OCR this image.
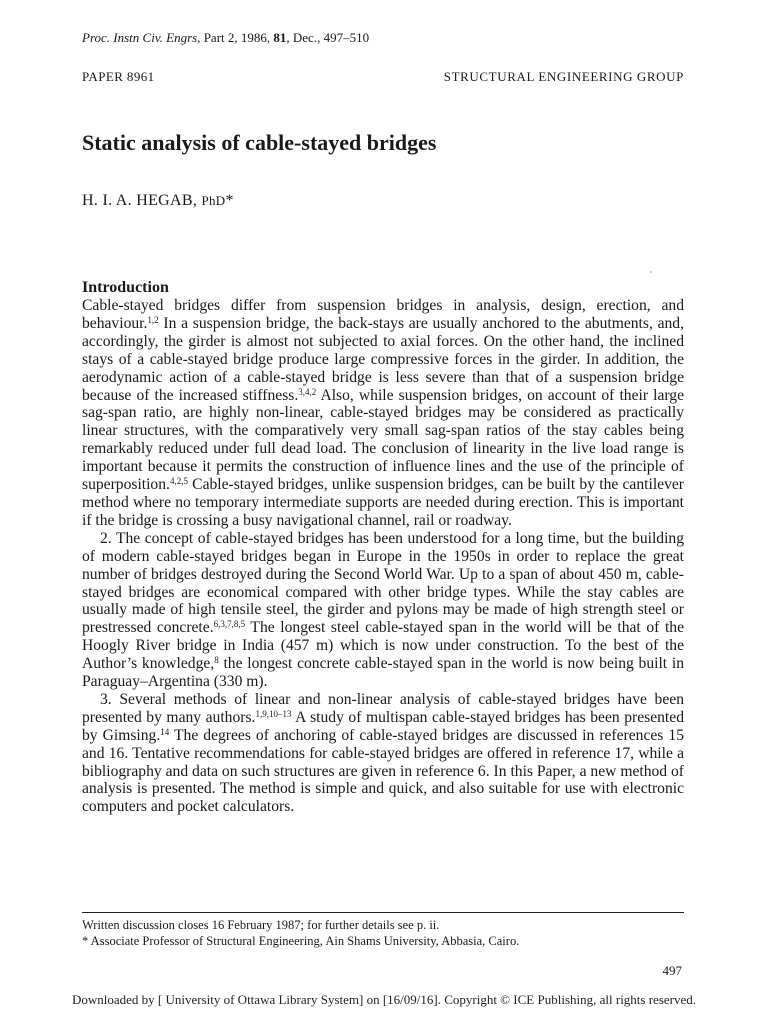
Proc. Instn Civ. Engrs, Part 2, 1986, 81, Dec., 497–510
PAPER 8961	STRUCTURAL ENGINEERING GROUP
Static analysis of cable-stayed bridges
H. I. A. HEGAB, PhD*
Introduction

Cable-stayed bridges differ from suspension bridges in analysis, design, erection, and behaviour.$^{1,2}$ In a suspension bridge, the back-stays are usually anchored to the abutments, and, accordingly, the girder is almost not subjected to axial forces. On the other hand, the inclined stays of a cable-stayed bridge produce large compressive forces in the girder. In addition, the aerodynamic action of a cable-stayed bridge is less severe than that of a suspension bridge because of the increased stiffness.$^{3,4,2}$ Also, while suspension bridges, on account of their large sag-span ratio, are highly non-linear, cable-stayed bridges may be considered as practically linear structures, with the comparatively very small sag-span ratios of the stay cables being remarkably reduced under full dead load. The conclusion of linearity in the live load range is important because it permits the construction of influence lines and the use of the principle of superposition.$^{4,2,5}$ Cable-stayed bridges, unlike suspension bridges, can be built by the cantilever method where no temporary intermediate supports are needed during erection. This is important if the bridge is crossing a busy navigational channel, rail or roadway.

2. The concept of cable-stayed bridges has been understood for a long time, but the building of modern cable-stayed bridges began in Europe in the 1950s in order to replace the great number of bridges destroyed during the Second World War. Up to a span of about 450 m, cable-stayed bridges are economical compared with other bridge types. While the stay cables are usually made of high tensile steel, the girder and pylons may be made of high strength steel or prestressed concrete.$^{6,3,7,8,5}$ The longest steel cable-stayed span in the world will be that of the Hoogly River bridge in India (457 m) which is now under construction. To the best of the Author’s knowledge,$^8$ the longest concrete cable-stayed span in the world is now being built in Paraguay–Argentina (330 m).

3. Several methods of linear and non-linear analysis of cable-stayed bridges have been presented by many authors.$^{1,9,10-13}$ A study of multispan cable-stayed bridges has been presented by Gimsing.$^{14}$ The degrees of anchoring of cable-stayed bridges are discussed in references 15 and 16. Tentative recommendations for cable-stayed bridges are offered in reference 17, while a bibliography and data on such structures are given in reference 6. In this Paper, a new method of analysis is presented. The method is simple and quick, and also suitable for use with electronic computers and pocket calculators.

Written discussion closes 16 February 1987; for further details see p. ii.
* Associate Professor of Structural Engineering, Ain Shams University, Abbasia, Cairo.
497
Downloaded by [ University of Ottawa Library System] on [16/09/16]. Copyright © ICE Publishing, all rights reserved.
